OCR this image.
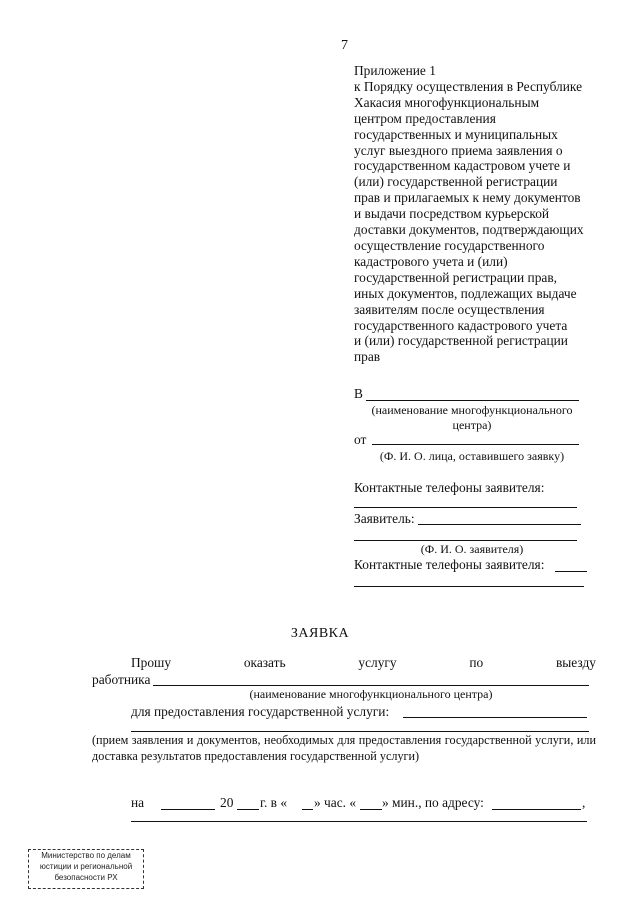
7
Приложение 1
к Порядку осуществления в Республике
Хакасия многофункциональным
центром предоставления
государственных и муниципальных
услуг выездного приема заявления о
государственном кадастровом учете и
(или) государственной регистрации
прав и прилагаемых к нему документов
и выдачи посредством курьерской
доставки документов, подтверждающих
осуществление государственного
кадастрового учета и (или)
государственной регистрации прав,
иных документов, подлежащих выдаче
заявителям после осуществления
государственного кадастрового учета
и (или) государственной регистрации
прав
В
(наименование многофункционального
центра)
от
(Ф. И. О. лица, оставившего заявку)
Контактные телефоны заявителя:
Заявитель:
(Ф. И. О. заявителя)
Контактные телефоны заявителя:
ЗАЯВКА
Прошу	оказать	услугу	по	выезду
работника
(наименование многофункционального центра)
для предоставления государственной услуги:
(прием заявления и документов, необходимых для предоставления государственной услуги, или доставка результатов предоставления государственной услуги)
на	20 г. в « » час. « » мин., по адресу:	,
Министерство по делам
юстиции и региональной
безопасности РХ
